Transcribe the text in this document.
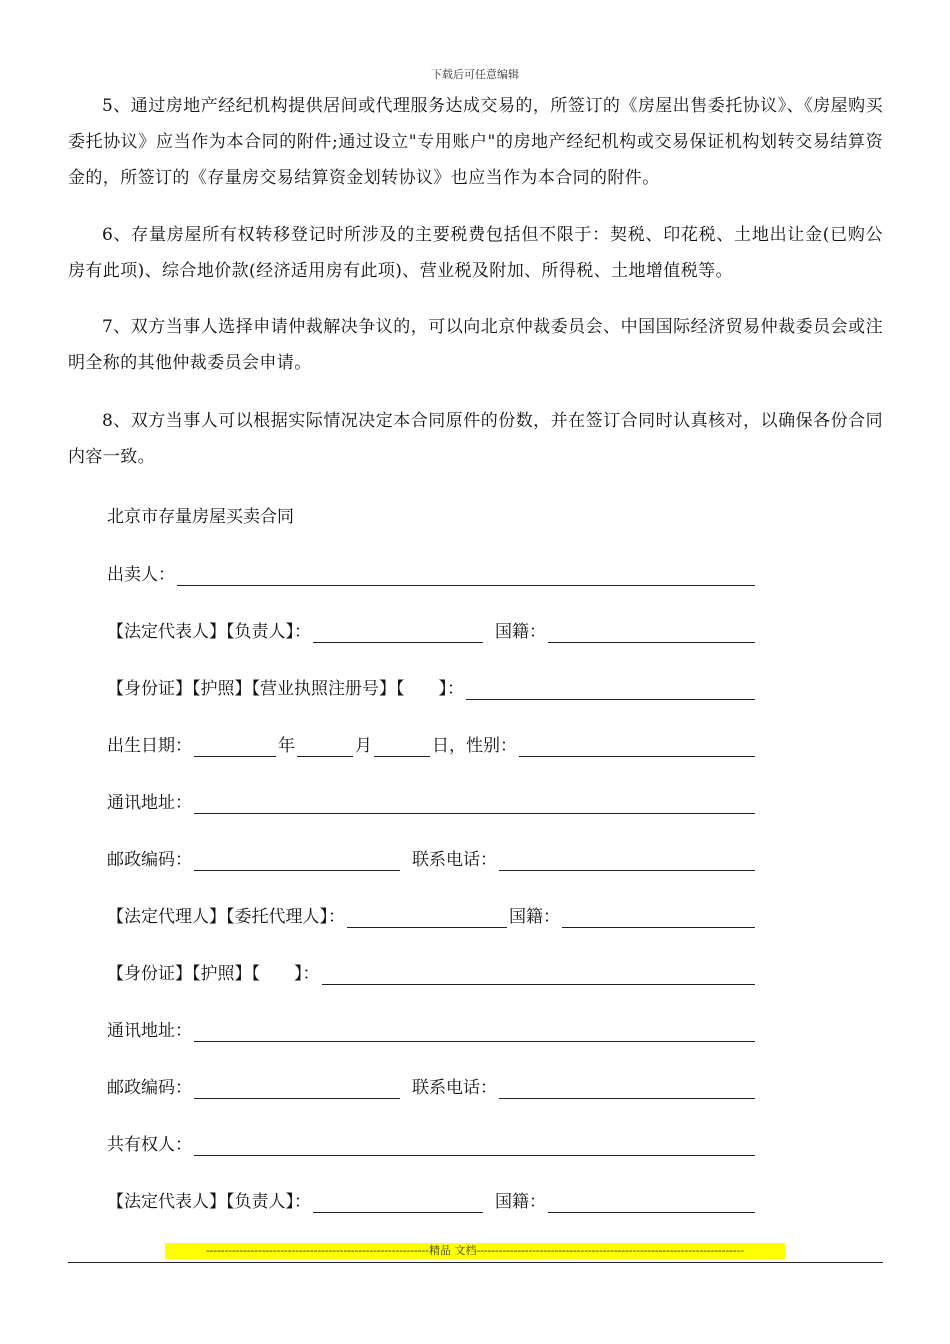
下载后可任意编辑

5、通过房地产经纪机构提供居间或代理服务达成交易的，所签订的《房屋出售委托协议》、《房屋购买委托协议》应当作为本合同的附件;通过设立"专用账户"的房地产经纪机构或交易保证机构划转交易结算资金的，所签订的《存量房交易结算资金划转协议》也应当作为本合同的附件。

6、存量房屋所有权转移登记时所涉及的主要税费包括但不限于：契税、印花税、土地出让金(已购公房有此项)、综合地价款(经济适用房有此项)、营业税及附加、所得税、土地增值税等。

7、双方当事人选择申请仲裁解决争议的，可以向北京仲裁委员会、中国国际经济贸易仲裁委员会或注明全称的其他仲裁委员会申请。

8、双方当事人可以根据实际情况决定本合同原件的份数，并在签订合同时认真核对，以确保各份合同内容一致。

北京市存量房屋买卖合同
出卖人：
【法定代表人】【负责人】：	国籍：
【身份证】【护照】【营业执照注册号】【　　】：
出生日期：	年	月	日，性别：
通讯地址：
邮政编码：	联系电话：
【法定代理人】【委托代理人】：	国籍：
【身份证】【护照】【　　】：
通讯地址：
邮政编码：	联系电话：
共有权人：
【法定代表人】【负责人】：	国籍：
------------------------------------------------------------精品 文档------------------------------------------------------------------------
